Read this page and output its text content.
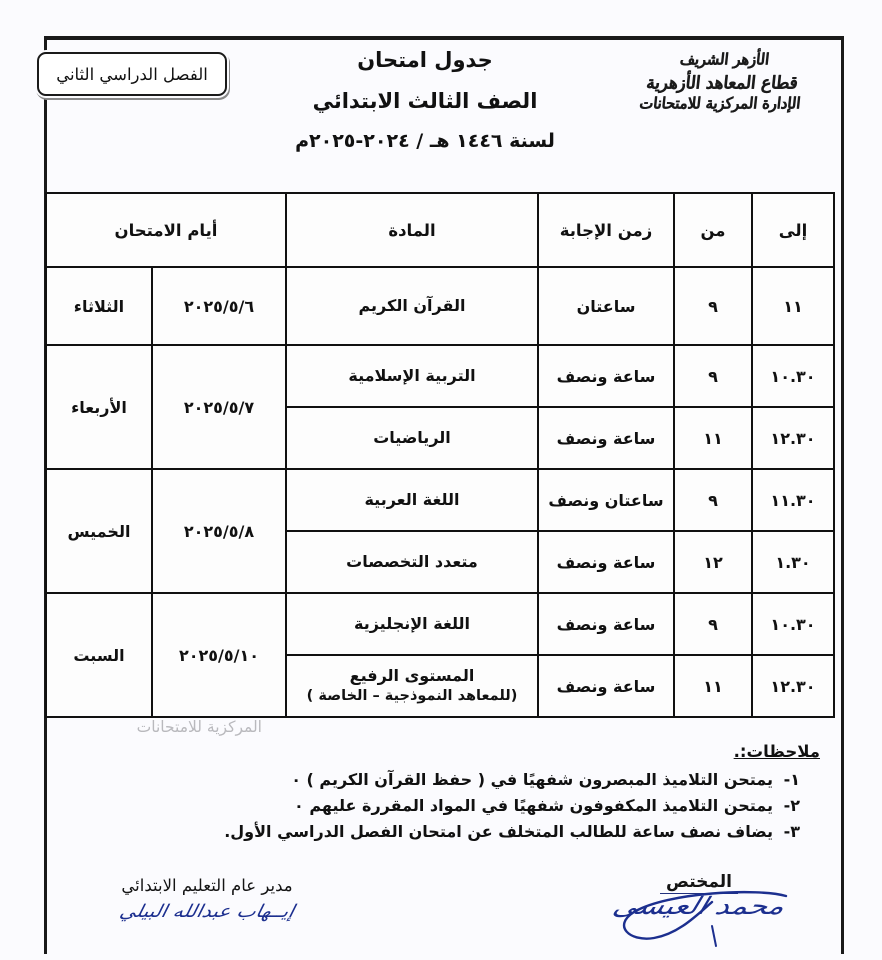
الأزهر الشريف
قطاع المعاهد الأزهرية
الإدارة المركزية للامتحانات
جدول امتحان
الصف الثالث الابتدائي
لسنة ١٤٤٦ هـ / ٢٠٢٤-٢٠٢٥م
الفصل الدراسي الثاني
إلى	من	زمن الإجابة	المادة	أيام الامتحان	
١١	٩	ساعتان	القرآن الكريم	٢٠٢٥/٥/٦	الثلاثاء
١٠.٣٠	٩	ساعة ونصف	التربية الإسلامية	٢٠٢٥/٥/٧	الأربعاء
١٢.٣٠	١١	ساعة ونصف	الرياضيات		

١١.٣٠	٩	ساعتان ونصف	اللغة العربية	٢٠٢٥/٥/٨	الخميس
١.٣٠	١٢	ساعة ونصف	متعدد التخصصات		

١٠.٣٠	٩	ساعة ونصف	اللغة الإنجليزية	٢٠٢٥/٥/١٠	السبت
١٢.٣٠	١١	ساعة ونصف	المستوى الرفيع
(للمعاهد النموذجية – الخاصة )		
المركزية للامتحانات
ملاحظات:.
١- يمتحن التلاميذ المبصرون شفهيًا في ( حفظ القرآن الكريم ) ٠
٢- يمتحن التلاميذ المكفوفون شفهيًا في المواد المقررة عليهم ٠
٣- يضاف نصف ساعة للطالب المتخلف عن امتحان الفصل الدراسي الأول.
مدير عام التعليم الابتدائي
إيــهاب عبدالله البيلي
المختص
محمد العيسى
